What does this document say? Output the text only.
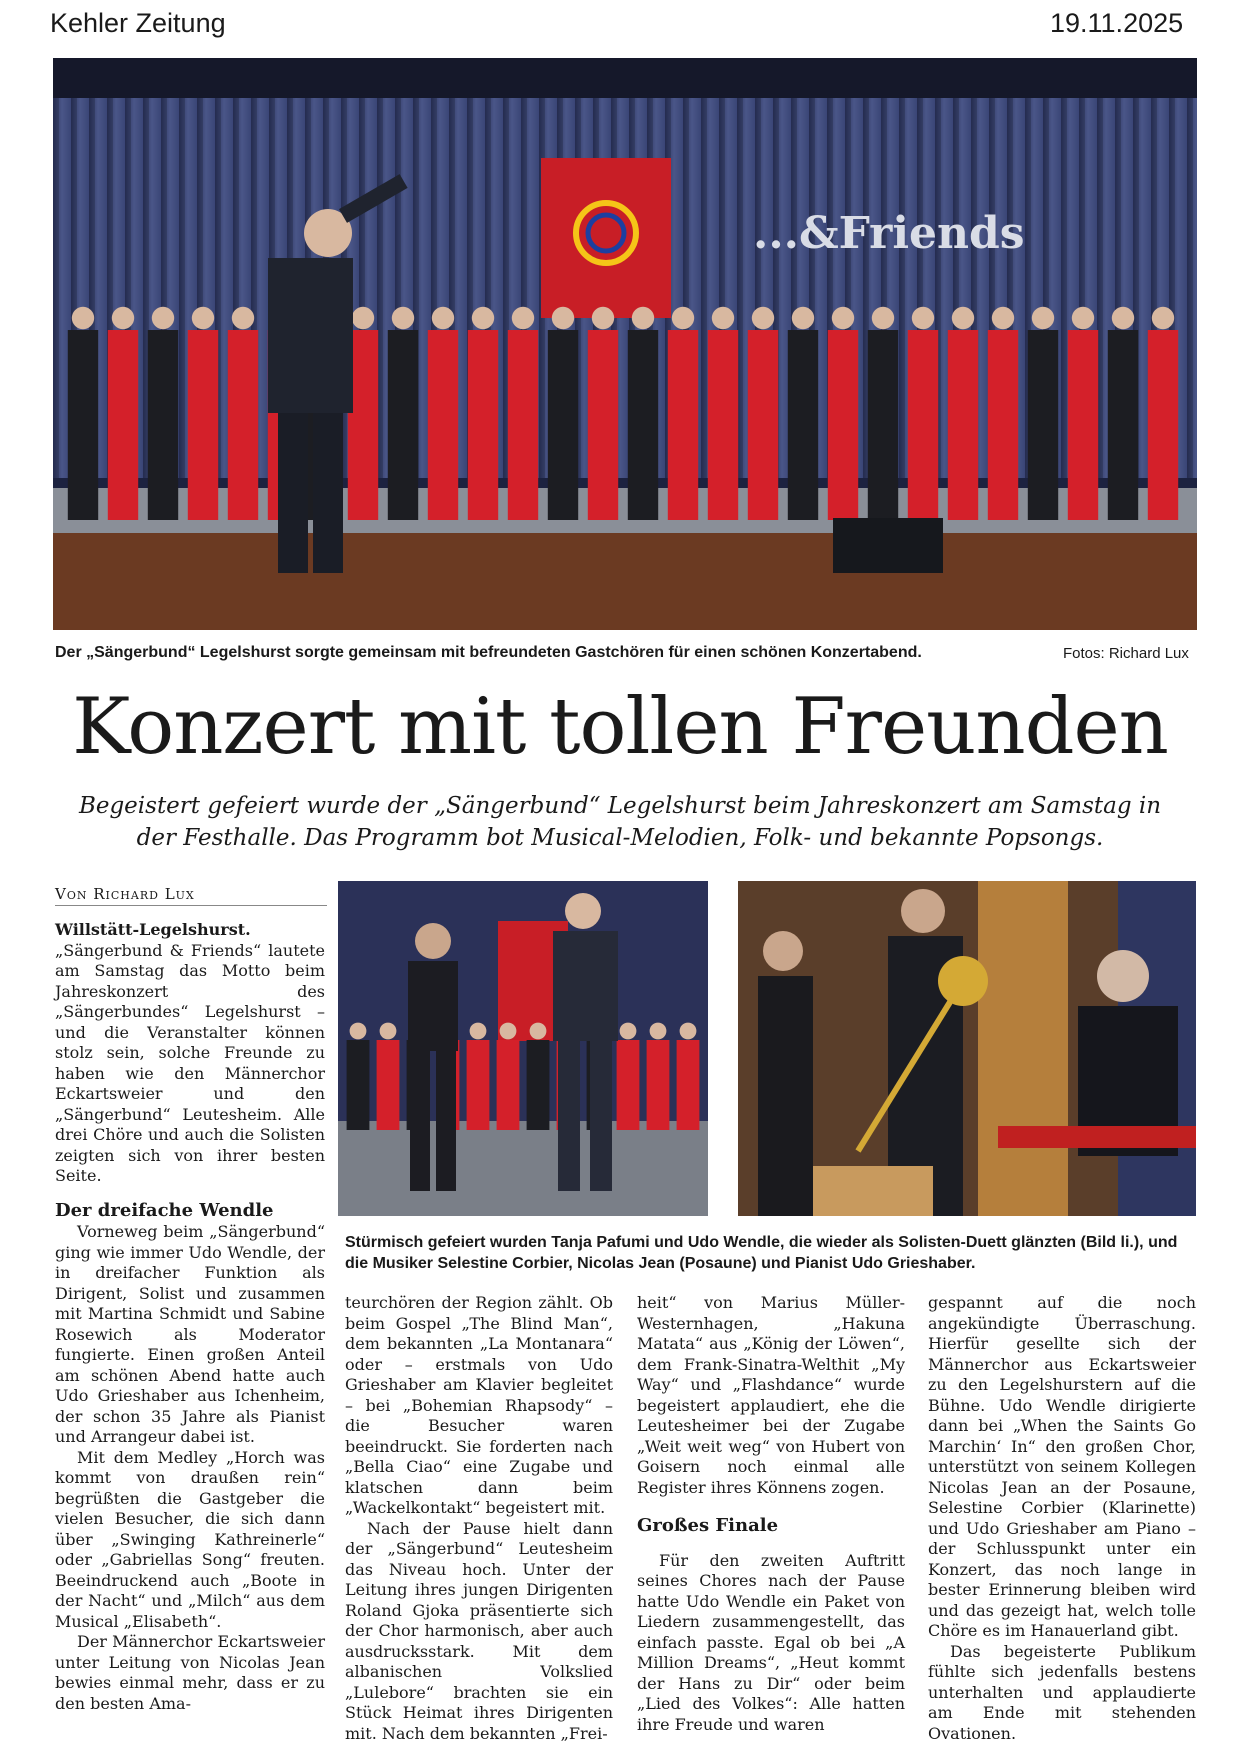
Kehler Zeitung	19.11.2025
...&Friends
Der „Sängerbund“ Legelshurst sorgte gemeinsam mit befreundeten Gastchören für einen schönen Konzertabend.	Fotos: Richard Lux
Konzert mit tollen Freunden
Begeistert gefeiert wurde der „Sängerbund“ Legelshurst beim Jahreskonzert am Samstag in der Festhalle. Das Programm bot Musical-Melodien, Folk- und bekannte Popsongs.
Von Richard Lux

Willstätt-Legelshurst. „Sängerbund & Friends“ lautete am Samstag das Motto beim Jahreskonzert des „Sängerbundes“ Legelshurst – und die Veranstalter können stolz sein, solche Freunde zu haben wie den Männerchor Eckartsweier und den „Sängerbund“ Leutesheim. Alle drei Chöre und auch die Solisten zeigten sich von ihrer besten Seite.

Der dreifache Wendle
Stürmisch gefeiert wurden Tanja Pafumi und Udo Wendle, die wieder als Solisten-Duett glänzten (Bild li.), und die Musiker Selestine Corbier, Nicolas Jean (Posaune) und Pianist Udo Grieshaber.

Vorneweg beim „Sängerbund“ ging wie immer Udo Wendle, der in dreifacher Funktion als Dirigent, Solist und zusammen mit Martina Schmidt und Sabine Rosewich als Moderator fungierte. Einen großen Anteil am schönen Abend hatte auch Udo Grieshaber aus Ichenheim, der schon 35 Jahre als Pianist und Arrangeur dabei ist.

Mit dem Medley „Horch was kommt von draußen rein“ begrüßten die Gastgeber die vielen Besucher, die sich dann über „Swinging Kathreinerle“ oder „Gabriellas Song“ freuten. Beeindruckend auch „Boote in der Nacht“ und „Milch“ aus dem Musical „Elisabeth“.

Der Männerchor Eckartsweier unter Leitung von Nicolas Jean bewies einmal mehr, dass er zu den besten Ama-

teurchören der Region zählt. Ob beim Gospel „The Blind Man“, dem bekannten „La Montanara“ oder – erstmals von Udo Grieshaber am Klavier begleitet – bei „Bohemian Rhapsody“ – die Besucher waren beeindruckt. Sie forderten nach „Bella Ciao“ eine Zugabe und klatschen dann beim „Wackelkontakt“ begeistert mit.

Nach der Pause hielt dann der „Sängerbund“ Leutesheim das Niveau hoch. Unter der Leitung ihres jungen Dirigenten Roland Gjoka präsentierte sich der Chor harmonisch, aber auch ausdrucksstark. Mit dem albanischen Volkslied „Lulebore“ brachten sie ein Stück Heimat ihres Dirigenten mit. Nach dem bekannten „Frei-

heit“ von Marius Müller-Westernhagen, „Hakuna Matata“ aus „König der Löwen“, dem Frank-Sinatra-Welthit „My Way“ und „Flashdance“ wurde begeistert applaudiert, ehe die Leutesheimer bei der Zugabe „Weit weit weg“ von Hubert von Goisern noch einmal alle Register ihres Könnens zogen.

Großes Finale

Für den zweiten Auftritt seines Chores nach der Pause hatte Udo Wendle ein Paket von Liedern zusammengestellt, das einfach passte. Egal ob bei „A Million Dreams“, „Heut kommt der Hans zu Dir“ oder beim „Lied des Volkes“: Alle hatten ihre Freude und waren

gespannt auf die noch angekündigte Überraschung. Hierfür gesellte sich der Männerchor aus Eckartsweier zu den Legelshurstern auf die Bühne. Udo Wendle dirigierte dann bei „When the Saints Go Marchin‘ In“ den großen Chor, unterstützt von seinem Kollegen Nicolas Jean an der Posaune, Selestine Corbier (Klarinette) und Udo Grieshaber am Piano – der Schlusspunkt unter ein Konzert, das noch lange in bester Erinnerung bleiben wird und das gezeigt hat, welch tolle Chöre es im Hanauerland gibt.

Das begeisterte Publikum fühlte sich jedenfalls bestens unterhalten und applaudierte am Ende mit stehenden Ovationen.
